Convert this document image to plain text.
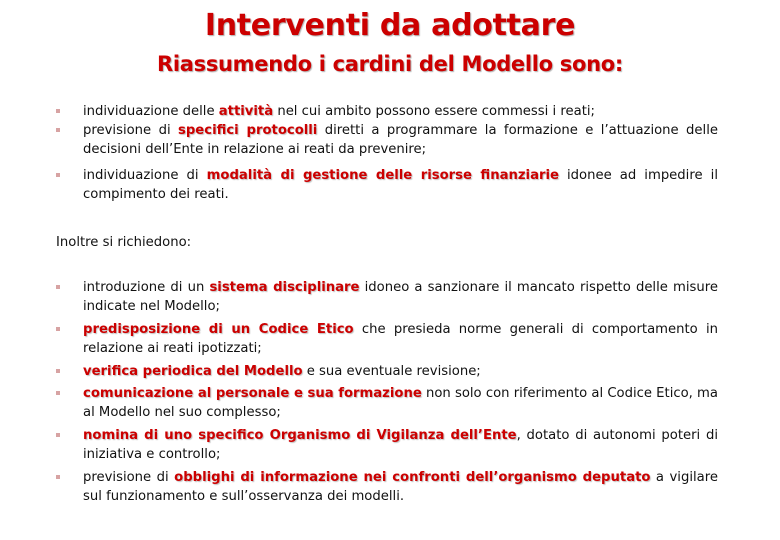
Interventi da adottare
Riassumendo i cardini del Modello sono:
individuazione delle attività nel cui ambito possono essere commessi i reati;
previsione di specifici protocolli diretti a programmare la formazione e l’attuazione delle decisioni dell’Ente in relazione ai reati da prevenire;
individuazione di modalità di gestione delle risorse finanziarie idonee ad impedire il compimento dei reati.
Inoltre si richiedono:
introduzione di un sistema disciplinare idoneo a sanzionare il mancato rispetto delle misure indicate nel Modello;
predisposizione di un Codice Etico che presieda norme generali di comportamento in relazione ai reati ipotizzati;
verifica periodica del Modello e sua eventuale revisione;
comunicazione al personale e sua formazione non solo con riferimento al Codice Etico, ma al Modello nel suo complesso;
nomina di uno specifico Organismo di Vigilanza dell’Ente, dotato di autonomi poteri di iniziativa e controllo;
previsione di obblighi di informazione nei confronti dell’organismo deputato a vigilare sul funzionamento e sull’osservanza dei modelli.
